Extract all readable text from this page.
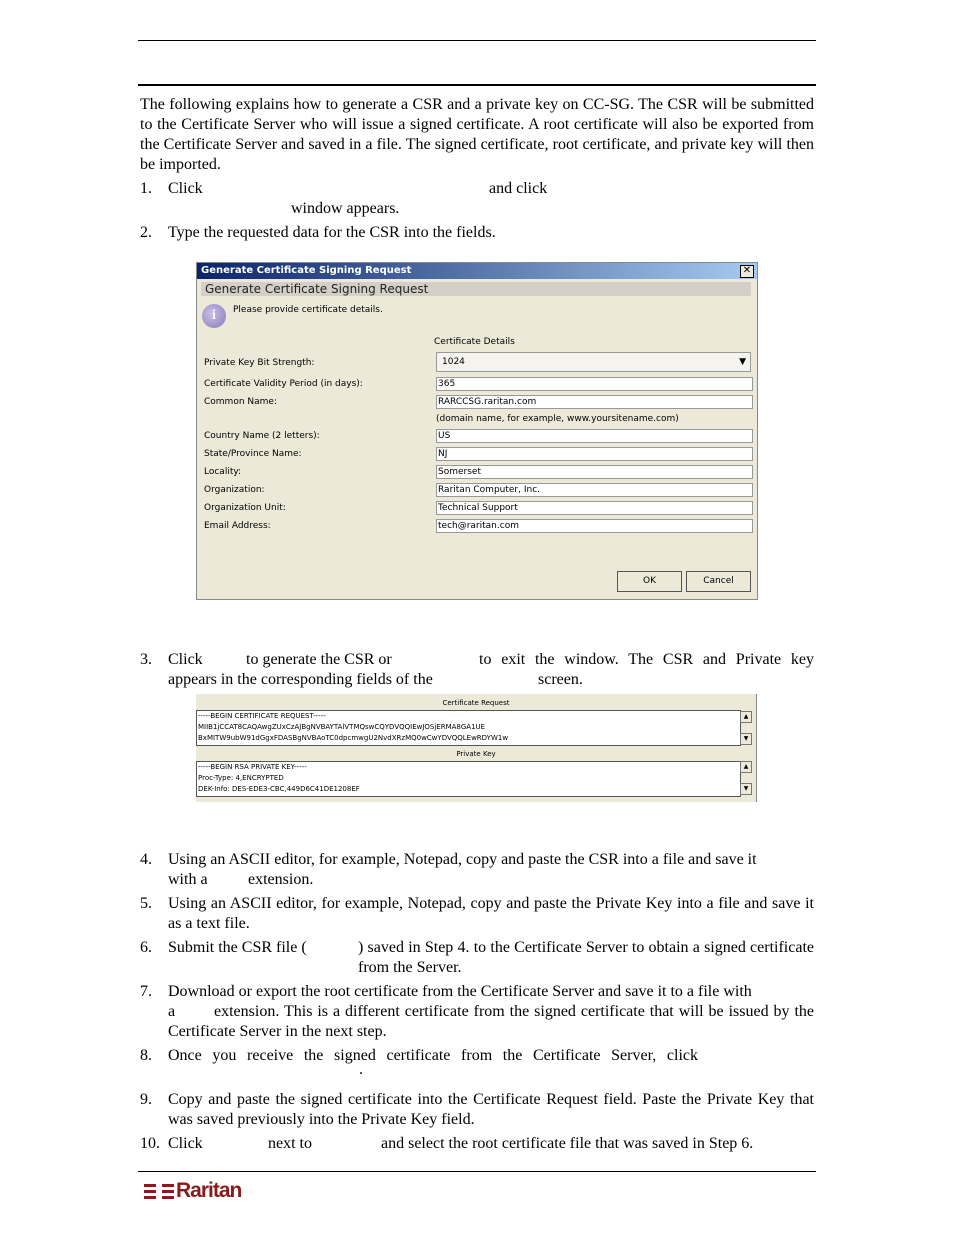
The following explains how to generate a CSR and a private key on CC-SG. The CSR will be submitted to the Certificate Server who will issue a signed certificate. A root certificate will also be exported from the Certificate Server and saved in a file. The signed certificate, root certificate, and private key will then be imported.
1. Click	and click
window appears.
2. Type the requested data for the CSR into the fields.
Generate Certificate Signing Request	✕
Generate Certificate Signing Request
i	Please provide certificate details.
Certificate Details
Private Key Bit Strength:	1024	▼
Certificate Validity Period (in days):	365
Common Name:	RARCCSG.raritan.com
(domain name, for example, www.yoursitename.com)
Country Name (2 letters):	US
State/Province Name:	NJ
Locality:	Somerset
Organization:	Raritan Computer, Inc.
Organization Unit:	Technical Support
Email Address:	tech@raritan.com
OK	Cancel
3. Click	to generate the CSR or	to exit the window. The CSR and Private key
appears in the corresponding fields of the	screen.
Certificate Request
-----BEGIN CERTIFICATE REQUEST-----
MIIB1jCCAT8CAQAwgZUxCzAJBgNVBAYTAlVTMQswCQYDVQQIEwJOSjERMA8GA1UE
BxMITW9ubW91dGgxFDASBgNVBAoTC0dpcmwgU2NvdXRzMQ0wCwYDVQQLEwRDYW1w
▲
▼
Private Key
-----BEGIN RSA PRIVATE KEY-----
Proc-Type: 4,ENCRYPTED
DEK-Info: DES-EDE3-CBC,449D6C41DE1208EF
▲
▼
4. Using an ASCII editor, for example, Notepad, copy and paste the CSR into a file and save it
with a	extension.
5. Using an ASCII editor, for example, Notepad, copy and paste the Private Key into a file and save it as a text file.
6. Submit the CSR file (	) saved in Step 4. to the Certificate Server to obtain a signed certificate from the Server.
7. Download or export the root certificate from the Certificate Server and save it to a file with
a	extension. This is a different certificate from the signed certificate that will be issued by the Certificate Server in the next step.
8. Once you receive the signed certificate from the Certificate Server, click
.
9. Copy and paste the signed certificate into the Certificate Request field. Paste the Private Key that was saved previously into the Private Key field.
10. Click	next to	and select the root certificate file that was saved in Step 6.
Raritan
